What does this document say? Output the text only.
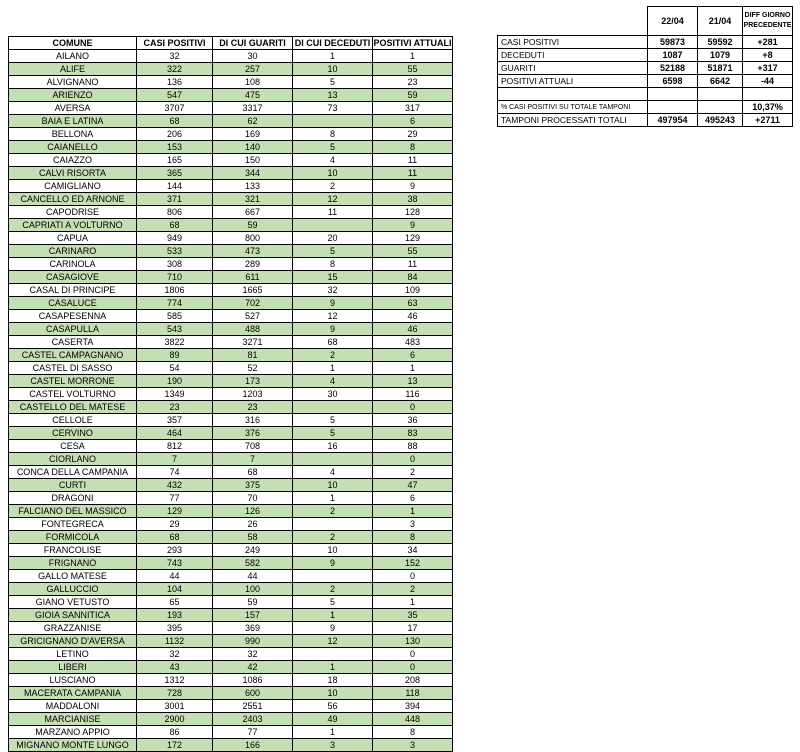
COMUNE	CASI POSITIVI	DI CUI GUARITI	DI CUI DECEDUTI	POSITIVI ATTUALI
AILANO	32	30	1	1
ALIFE	322	257	10	55
ALVIGNANO	136	108	5	23
ARIENZO	547	475	13	59
AVERSA	3707	3317	73	317
BAIA E LATINA	68	62		6
BELLONA	206	169	8	29
CAIANELLO	153	140	5	8
CAIAZZO	165	150	4	11
CALVI RISORTA	365	344	10	11
CAMIGLIANO	144	133	2	9
CANCELLO ED ARNONE	371	321	12	38
CAPODRISE	806	667	11	128
CAPRIATI A VOLTURNO	68	59		9
CAPUA	949	800	20	129
CARINARO	533	473	5	55
CARINOLA	308	289	8	11
CASAGIOVE	710	611	15	84
CASAL DI PRINCIPE	1806	1665	32	109
CASALUCE	774	702	9	63
CASAPESENNA	585	527	12	46
CASAPULLA	543	488	9	46
CASERTA	3822	3271	68	483
CASTEL CAMPAGNANO	89	81	2	6
CASTEL DI SASSO	54	52	1	1
CASTEL MORRONE	190	173	4	13
CASTEL VOLTURNO	1349	1203	30	116
CASTELLO DEL MATESE	23	23		0
CELLOLE	357	316	5	36
CERVINO	464	376	5	83
CESA	812	708	16	88
CIORLANO	7	7		0
CONCA DELLA CAMPANIA	74	68	4	2
CURTI	432	375	10	47
DRAGONI	77	70	1	6
FALCIANO DEL MASSICO	129	126	2	1
FONTEGRECA	29	26		3
FORMICOLA	68	58	2	8
FRANCOLISE	293	249	10	34
FRIGNANO	743	582	9	152
GALLO MATESE	44	44		0
GALLUCCIO	104	100	2	2
GIANO VETUSTO	65	59	5	1
GIOIA SANNITICA	193	157	1	35
GRAZZANISE	395	369	9	17
GRICIGNANO D'AVERSA	1132	990	12	130
LETINO	32	32		0
LIBERI	43	42	1	0
LUSCIANO	1312	1086	18	208
MACERATA CAMPANIA	728	600	10	118
MADDALONI	3001	2551	56	394
MARCIANISE	2900	2403	49	448
MARZANO APPIO	86	77	1	8
MIGNANO MONTE LUNGO	172	166	3	3
	22/04	21/04	DIFF GIORNO PRECEDENTE
CASI POSITIVI	59873	59592	+281
DECEDUTI	1087	1079	+8
GUARITI	52188	51871	+317
POSITIVI ATTUALI	6598	6642	-44

% CASI POSITIVI SU TOTALE TAMPONI			10,37%
TAMPONI PROCESSATI TOTALI	497954	495243	+2711
